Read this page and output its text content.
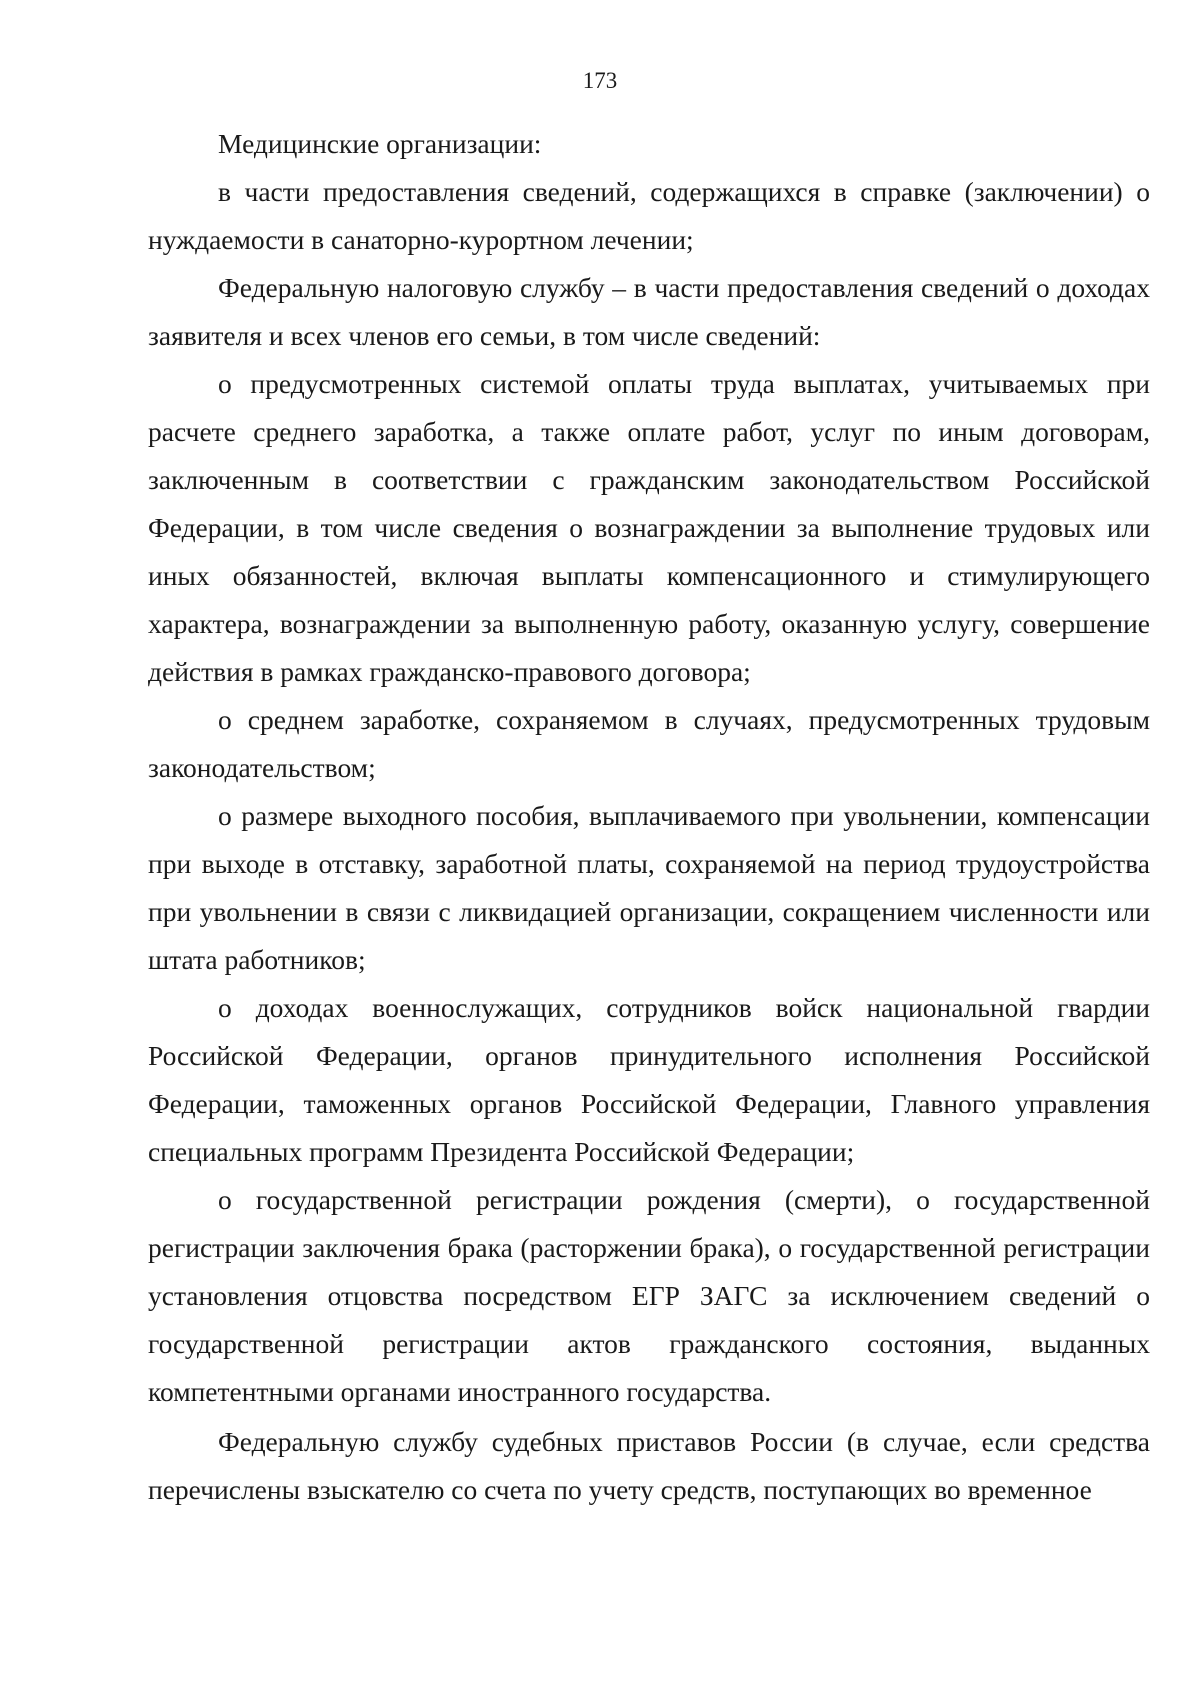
173

Медицинские организации:

в части предоставления сведений, содержащихся в справке (заключении) о нуждаемости в санаторно-курортном лечении;

Федеральную налоговую службу – в части предоставления сведений о доходах заявителя и всех членов его семьи, в том числе сведений:

о предусмотренных системой оплаты труда выплатах, учитываемых при расчете среднего заработка, а также оплате работ, услуг по иным договорам, заключенным в соответствии с гражданским законодательством Российской Федерации, в том числе сведения о вознаграждении за выполнение трудовых или иных обязанностей, включая выплаты компенсационного и стимулирующего характера, вознаграждении за выполненную работу, оказанную услугу, совершение действия в рамках гражданско-правового договора;

о среднем заработке, сохраняемом в случаях, предусмотренных трудовым законодательством;

о размере выходного пособия, выплачиваемого при увольнении, компенсации при выходе в отставку, заработной платы, сохраняемой на период трудоустройства при увольнении в связи с ликвидацией организации, сокращением численности или штата работников;

о доходах военнослужащих, сотрудников войск национальной гвардии Российской Федерации, органов принудительного исполнения Российской Федерации, таможенных органов Российской Федерации, Главного управления специальных программ Президента Российской Федерации;

о государственной регистрации рождения (смерти), о государственной регистрации заключения брака (расторжении брака), о государственной регистрации установления отцовства посредством ЕГР ЗАГС за исключением сведений о государственной регистрации актов гражданского состояния, выданных компетентными органами иностранного государства.

Федеральную службу судебных приставов России (в случае, если средства перечислены взыскателю со счета по учету средств, поступающих во временное
